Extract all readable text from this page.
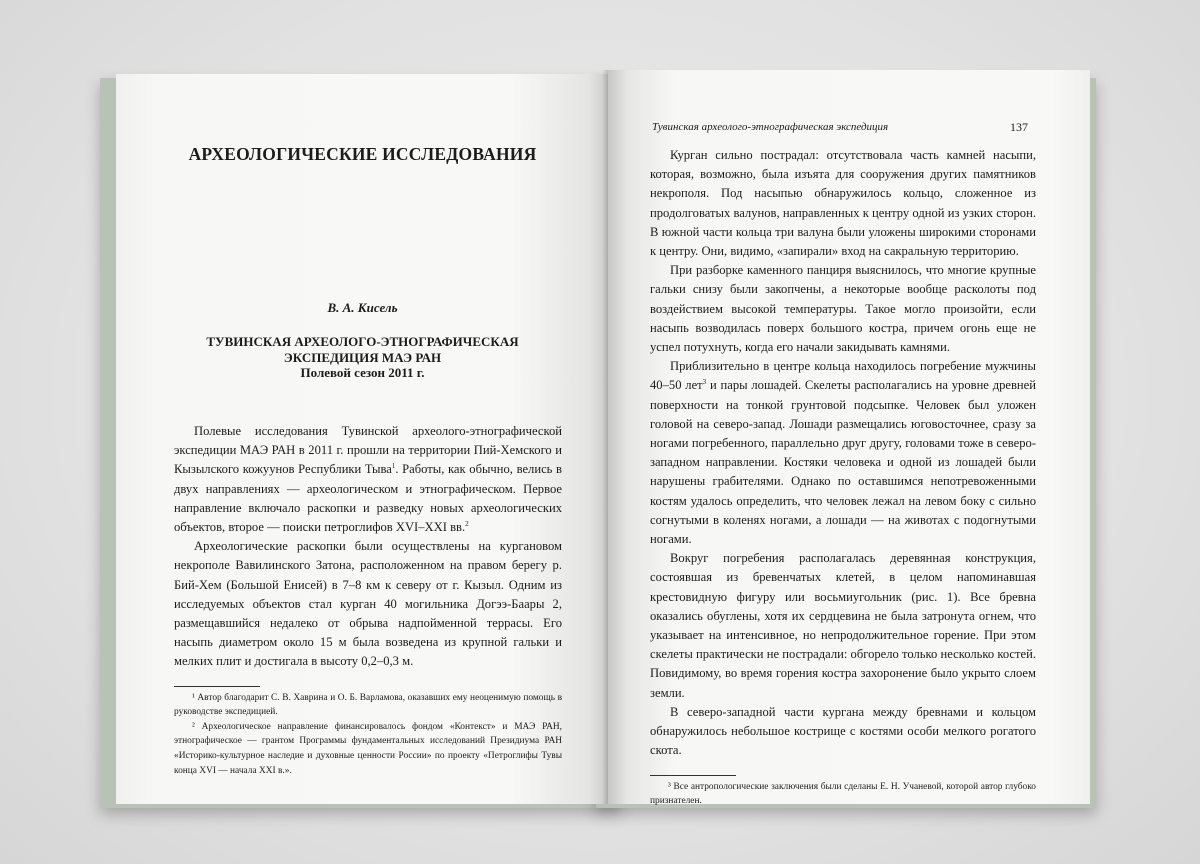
АРХЕОЛОГИЧЕСКИЕ ИССЛЕДОВАНИЯ
В. А. Кисель
ТУВИНСКАЯ АРХЕОЛОГО-ЭТНОГРАФИЧЕСКАЯ
ЭКСПЕДИЦИЯ МАЭ РАН
Полевой сезон 2011 г.

Полевые исследования Тувинской археолого-этнографической экспедиции МАЭ РАН в 2011 г. прошли на территории Пий-Хемского и Кызылского кожуунов Республики Тыва$^1$. Работы, как обычно, велись в двух направлениях — археологическом и этнографическом. Первое направление включало раскопки и разведку новых археологических объектов, второе — поиски петроглифов XVI–XXI вв.$^2$

Археологические раскопки были осуществлены на кургановом некрополе Вавилинского Затона, расположенном на правом берегу р. Бий-Хем (Большой Енисей) в 7–8 км к северу от г. Кызыл. Одним из исследуемых объектов стал курган 40 могильника Догээ-Баары 2, размещавшийся недалеко от обрыва надпойменной террасы. Его насыпь диаметром около 15 м была возведена из крупной гальки и мелких плит и достигала в высоту 0,2–0,3 м.

¹ Автор благодарит С. В. Хаврина и О. Б. Варламова, оказавших ему неоценимую помощь в руководстве экспедицией.

² Археологическое направление финансировалось фондом «Контекст» и МАЭ РАН, этнографическое — грантом Программы фундаментальных исследований Президиума РАН «Историко-культурное наследие и духовные ценности России» по проекту «Петроглифы Тувы конца XVI — начала XXI в.».

Тувинская археолого-этнографическая экспедиция	137

Курган сильно пострадал: отсутствовала часть камней насыпи, которая, возможно, была изъята для сооружения других памятников некрополя. Под насыпью обнаружилось кольцо, сложенное из продолговатых валунов, направленных к центру одной из узких сторон. В южной части кольца три валуна были уложены широкими сторонами к центру. Они, видимо, «запирали» вход на сакральную территорию.

При разборке каменного панциря выяснилось, что многие крупные гальки снизу были закопчены, а некоторые вообще расколоты под воздействием высокой температуры. Такое могло произойти, если насыпь возводилась поверх большого костра, причем огонь еще не успел потухнуть, когда его начали закидывать камнями.

Приблизительно в центре кольца находилось погребение мужчины 40–50 лет$^3$ и пары лошадей. Скелеты располагались на уровне древней поверхности на тонкой грунтовой подсыпке. Человек был уложен головой на северо-запад. Лошади размещались юговосточнее, сразу за ногами погребенного, параллельно друг другу, головами тоже в северо-западном направлении. Костяки человека и одной из лошадей были нарушены грабителями. Однако по оставшимся непотревоженными костям удалось определить, что человек лежал на левом боку с сильно согнутыми в коленях ногами, а лошади — на животах с подогнутыми ногами.

Вокруг погребения располагалась деревянная конструкция, состоявшая из бревенчатых клетей, в целом напоминавшая крестовидную фигуру или восьмиугольник (рис. 1). Все бревна оказались обуглены, хотя их сердцевина не была затронута огнем, что указывает на интенсивное, но непродолжительное горение. При этом скелеты практически не пострадали: обгорело только несколько костей. Повидимому, во время горения костра захоронение было укрыто слоем земли.

В северо-западной части кургана между бревнами и кольцом обнаружилось небольшое кострище с костями особи мелкого рогатого скота.

³ Все антропологические заключения были сделаны Е. Н. Учаневой, которой автор глубоко признателен.
